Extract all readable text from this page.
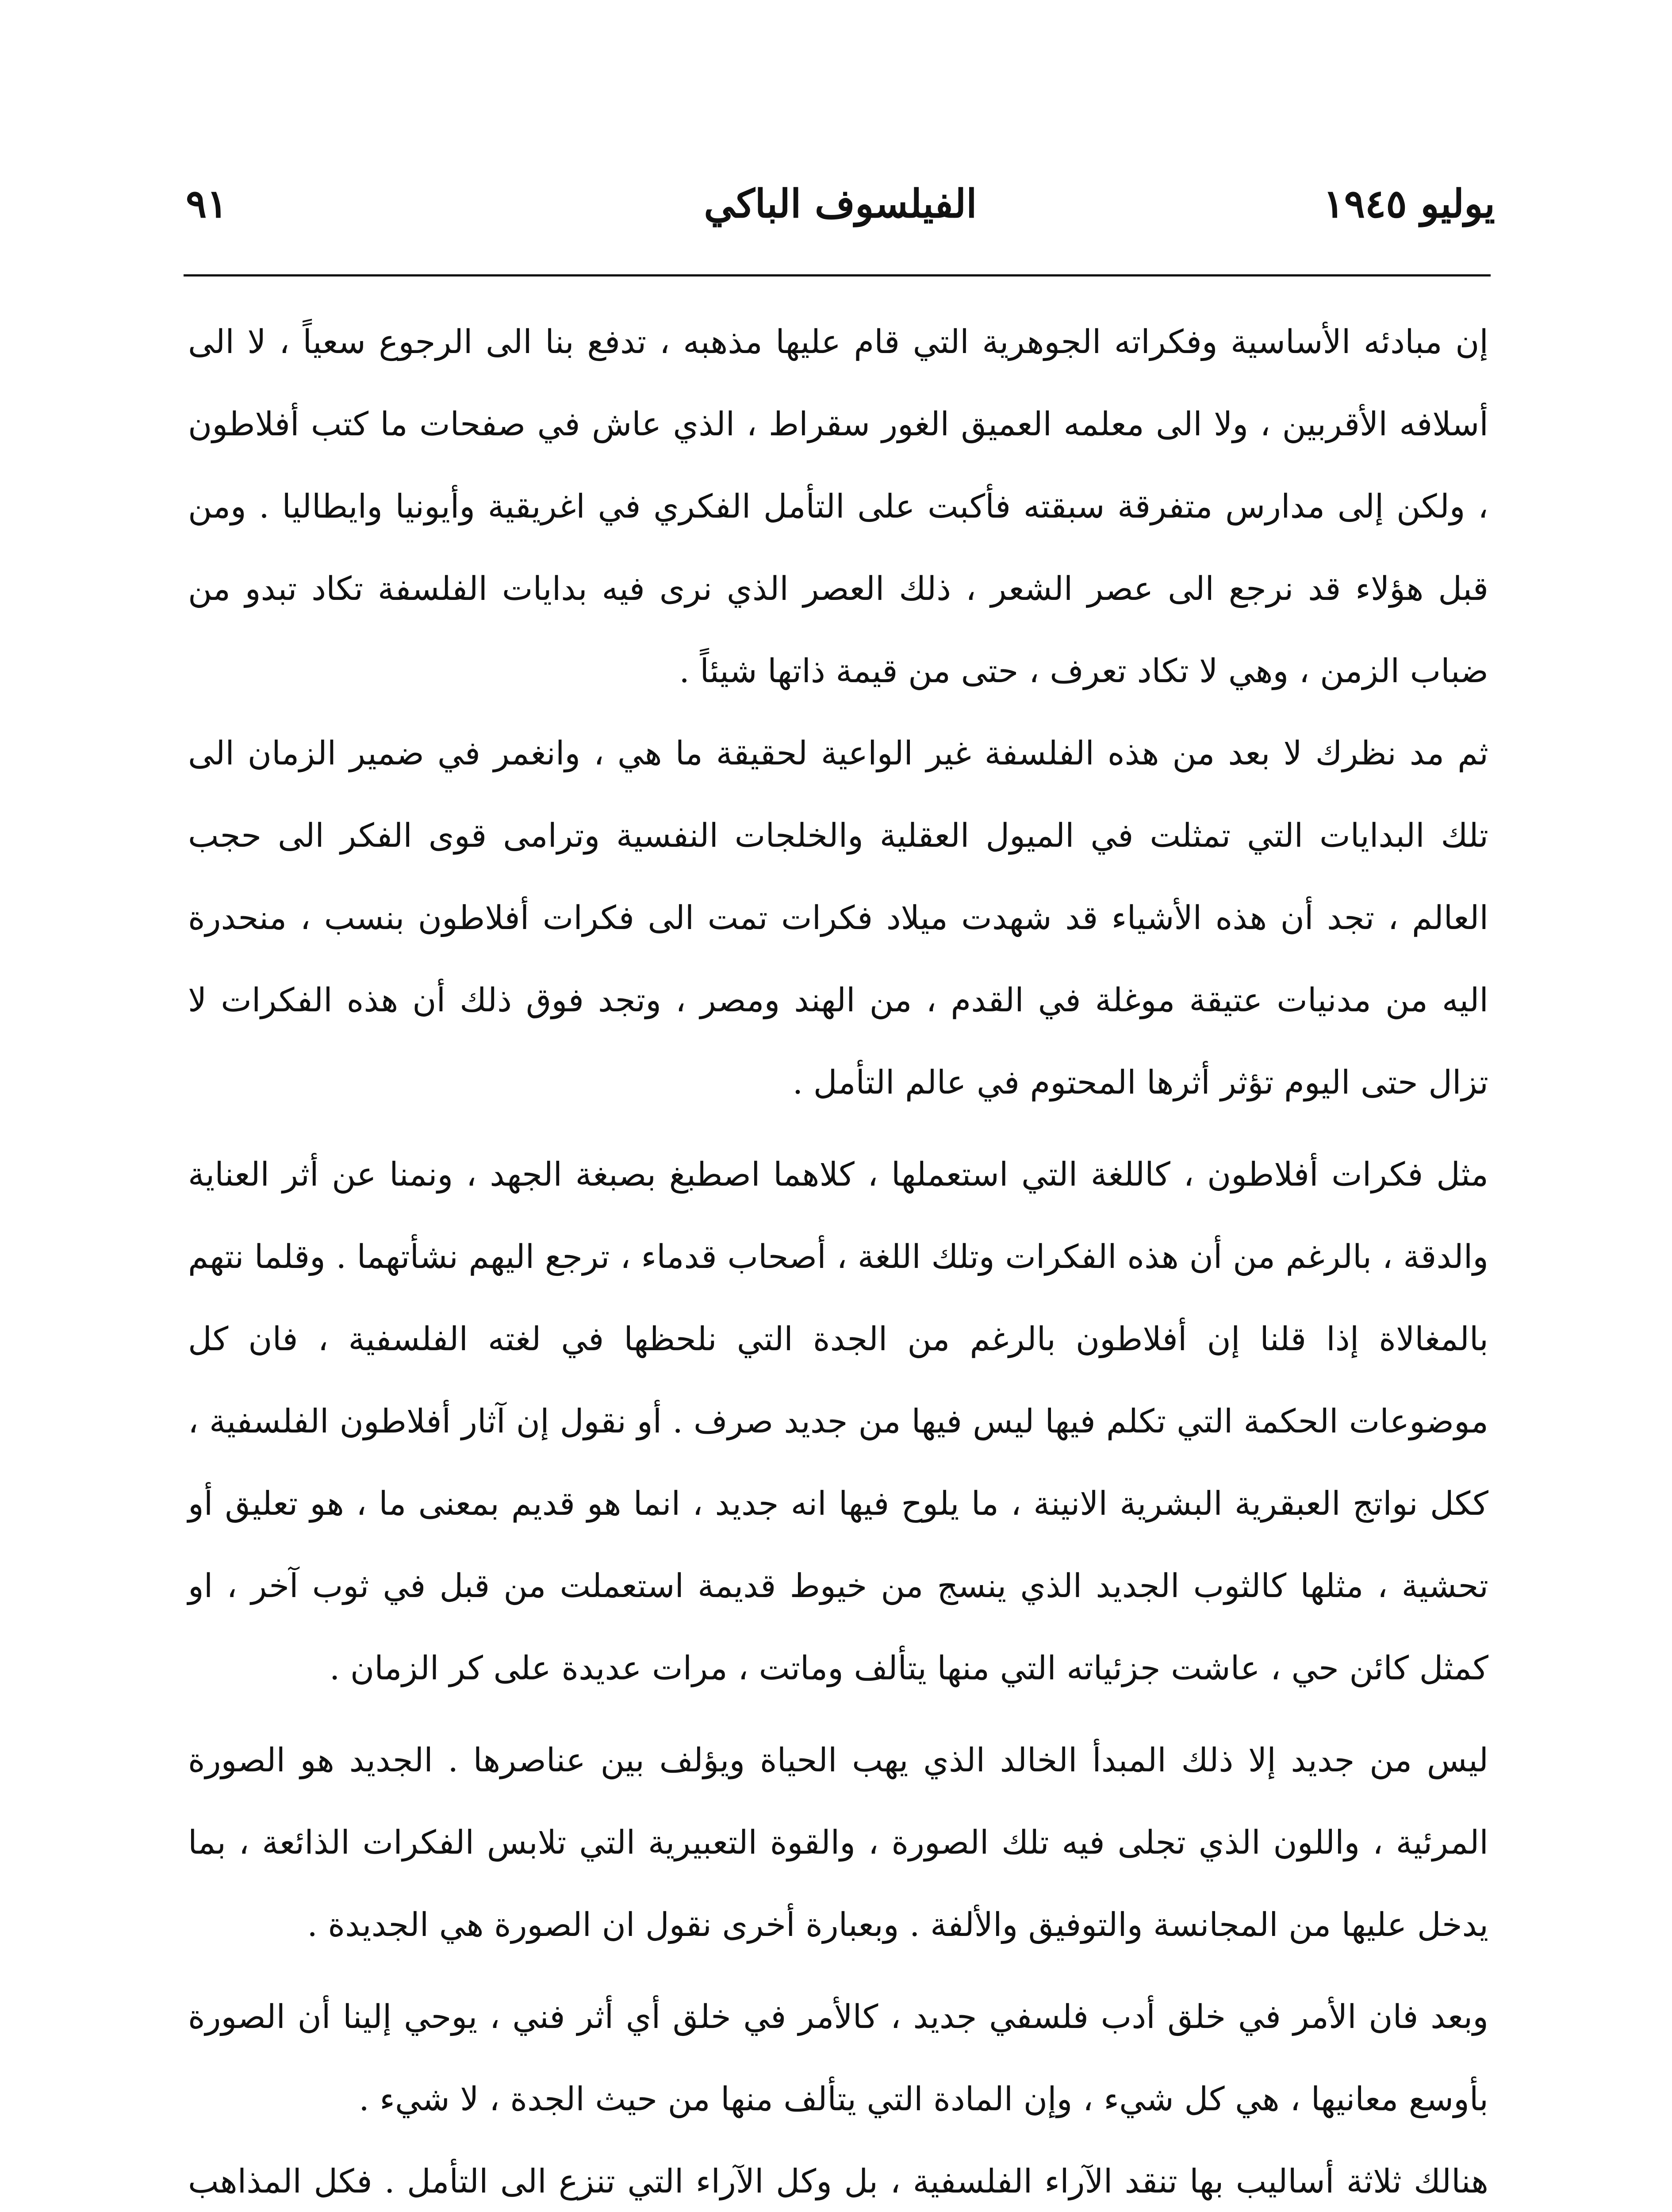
يوليو ١٩٤٥
الفيلسوف الباكي
٩١

إن مبادئه الأساسية وفكراته الجوهرية التي قام عليها مذهبه ، تدفع بنا الى الرجوع سعياً ، لا الى أسلافه الأقربين ، ولا الى معلمه العميق الغور سقراط ، الذي عاش في صفحات ما كتب أفلاطون ، ولكن إلى مدارس متفرقة سبقته فأكبت على التأمل الفكري في اغريقية وأيونيا وايطاليا . ومن قبل هؤلاء قد نرجع الى عصر الشعر ، ذلك العصر الذي نرى فيه بدايات الفلسفة تكاد تبدو من ضباب الزمن ، وهي لا تكاد تعرف ، حتى من قيمة ذاتها شيئاً .

ثم مد نظرك لا بعد من هذه الفلسفة غير الواعية لحقيقة ما هي ، وانغمر في ضمير الزمان الى تلك البدايات التي تمثلت في الميول العقلية والخلجات النفسية وترامى قوى الفكر الى حجب العالم ، تجد أن هذه الأشياء قد شهدت ميلاد فكرات تمت الى فكرات أفلاطون بنسب ، منحدرة اليه من مدنيات عتيقة موغلة في القدم ، من الهند ومصر ، وتجد فوق ذلك أن هذه الفكرات لا تزال حتى اليوم تؤثر أثرها المحتوم في عالم التأمل .

مثل فكرات أفلاطون ، كاللغة التي استعملها ، كلاهما اصطبغ بصبغة الجهد ، ونمنا عن أثر العناية والدقة ، بالرغم من أن هذه الفكرات وتلك اللغة ، أصحاب قدماء ، ترجع اليهم نشأتهما . وقلما نتهم بالمغالاة إذا قلنا إن أفلاطون بالرغم من الجدة التي نلحظها في لغته الفلسفية ، فان كل موضوعات الحكمة التي تكلم فيها ليس فيها من جديد صرف . أو نقول إن آثار أفلاطون الفلسفية ، ككل نواتج العبقرية البشرية الانينة ، ما يلوح فيها انه جديد ، انما هو قديم بمعنى ما ، هو تعليق أو تحشية ، مثلها كالثوب الجديد الذي ينسج من خيوط قديمة استعملت من قبل في ثوب آخر ، او كمثل كائن حي ، عاشت جزئياته التي منها يتألف وماتت ، مرات عديدة على كر الزمان .

ليس من جديد إلا ذلك المبدأ الخالد الذي يهب الحياة ويؤلف بين عناصرها . الجديد هو الصورة المرئية ، واللون الذي تجلى فيه تلك الصورة ، والقوة التعبيرية التي تلابس الفكرات الذائعة ، بما يدخل عليها من المجانسة والتوفيق والألفة . وبعبارة أخرى نقول ان الصورة هي الجديدة .

وبعد فان الأمر في خلق أدب فلسفي جديد ، كالأمر في خلق أي أثر فني ، يوحي إلينا أن الصورة بأوسع معانيها ، هي كل شيء ، وإن المادة التي يتألف منها من حيث الجدة ، لا شيء .

هنالك ثلاثة أساليب بها تنقد الآراء الفلسفية ، بل وكل الآراء التي تنزع الى التأمل . فكل المذاهب
